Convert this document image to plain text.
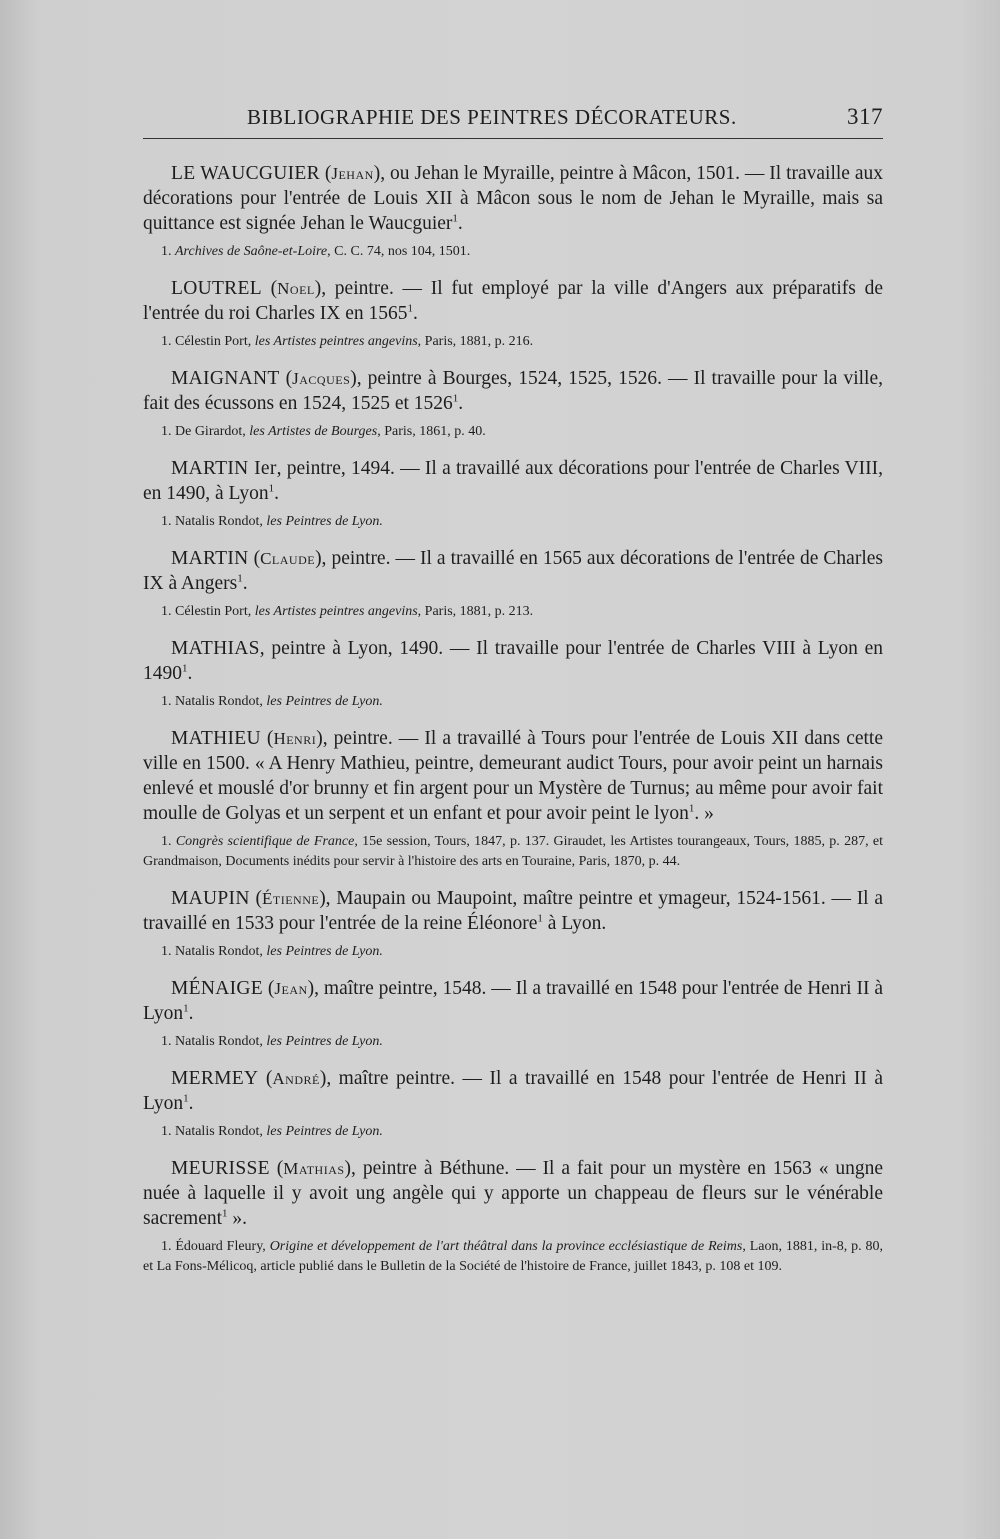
BIBLIOGRAPHIE DES PEINTRES DÉCORATEURS.	317

LE WAUCGUIER (Jehan), ou Jehan le Myraille, peintre à Mâcon, 1501. — Il travaille aux décorations pour l'entrée de Louis XII à Mâcon sous le nom de Jehan le Myraille, mais sa quittance est signée Jehan le Waucguier$^1$.

1. Archives de Saône-et-Loire, C. C. 74, nos 104, 1501.

LOUTREL (Noel), peintre. — Il fut employé par la ville d'Angers aux préparatifs de l'entrée du roi Charles IX en 1565$^1$.

1. Célestin Port, les Artistes peintres angevins, Paris, 1881, p. 216.

MAIGNANT (Jacques), peintre à Bourges, 1524, 1525, 1526. — Il travaille pour la ville, fait des écussons en 1524, 1525 et 1526$^1$.

1. De Girardot, les Artistes de Bourges, Paris, 1861, p. 40.

MARTIN Ier, peintre, 1494. — Il a travaillé aux décorations pour l'entrée de Charles VIII, en 1490, à Lyon$^1$.

1. Natalis Rondot, les Peintres de Lyon.

MARTIN (Claude), peintre. — Il a travaillé en 1565 aux décorations de l'entrée de Charles IX à Angers$^1$.

1. Célestin Port, les Artistes peintres angevins, Paris, 1881, p. 213.

MATHIAS, peintre à Lyon, 1490. — Il travaille pour l'entrée de Charles VIII à Lyon en 1490$^1$.

1. Natalis Rondot, les Peintres de Lyon.

MATHIEU (Henri), peintre. — Il a travaillé à Tours pour l'entrée de Louis XII dans cette ville en 1500. « A Henry Mathieu, peintre, demeurant audict Tours, pour avoir peint un harnais enlevé et mouslé d'or brunny et fin argent pour un Mystère de Turnus; au même pour avoir fait moulle de Golyas et un serpent et un enfant et pour avoir peint le lyon$^1$. »

1. Congrès scientifique de France, 15e session, Tours, 1847, p. 137. Giraudet, les Artistes tourangeaux, Tours, 1885, p. 287, et Grandmaison, Documents inédits pour servir à l'histoire des arts en Touraine, Paris, 1870, p. 44.

MAUPIN (Étienne), Maupain ou Maupoint, maître peintre et ymageur, 1524-1561. — Il a travaillé en 1533 pour l'entrée de la reine Éléonore$^1$ à Lyon.

1. Natalis Rondot, les Peintres de Lyon.

MÉNAIGE (Jean), maître peintre, 1548. — Il a travaillé en 1548 pour l'entrée de Henri II à Lyon$^1$.

1. Natalis Rondot, les Peintres de Lyon.

MERMEY (André), maître peintre. — Il a travaillé en 1548 pour l'entrée de Henri II à Lyon$^1$.

1. Natalis Rondot, les Peintres de Lyon.

MEURISSE (Mathias), peintre à Béthune. — Il a fait pour un mystère en 1563 « ungne nuée à laquelle il y avoit ung angèle qui y apporte un chappeau de fleurs sur le vénérable sacrement$^1$ ».

1. Édouard Fleury, Origine et développement de l'art théâtral dans la province ecclésiastique de Reims, Laon, 1881, in-8, p. 80, et La Fons-Mélicoq, article publié dans le Bulletin de la Société de l'histoire de France, juillet 1843, p. 108 et 109.
